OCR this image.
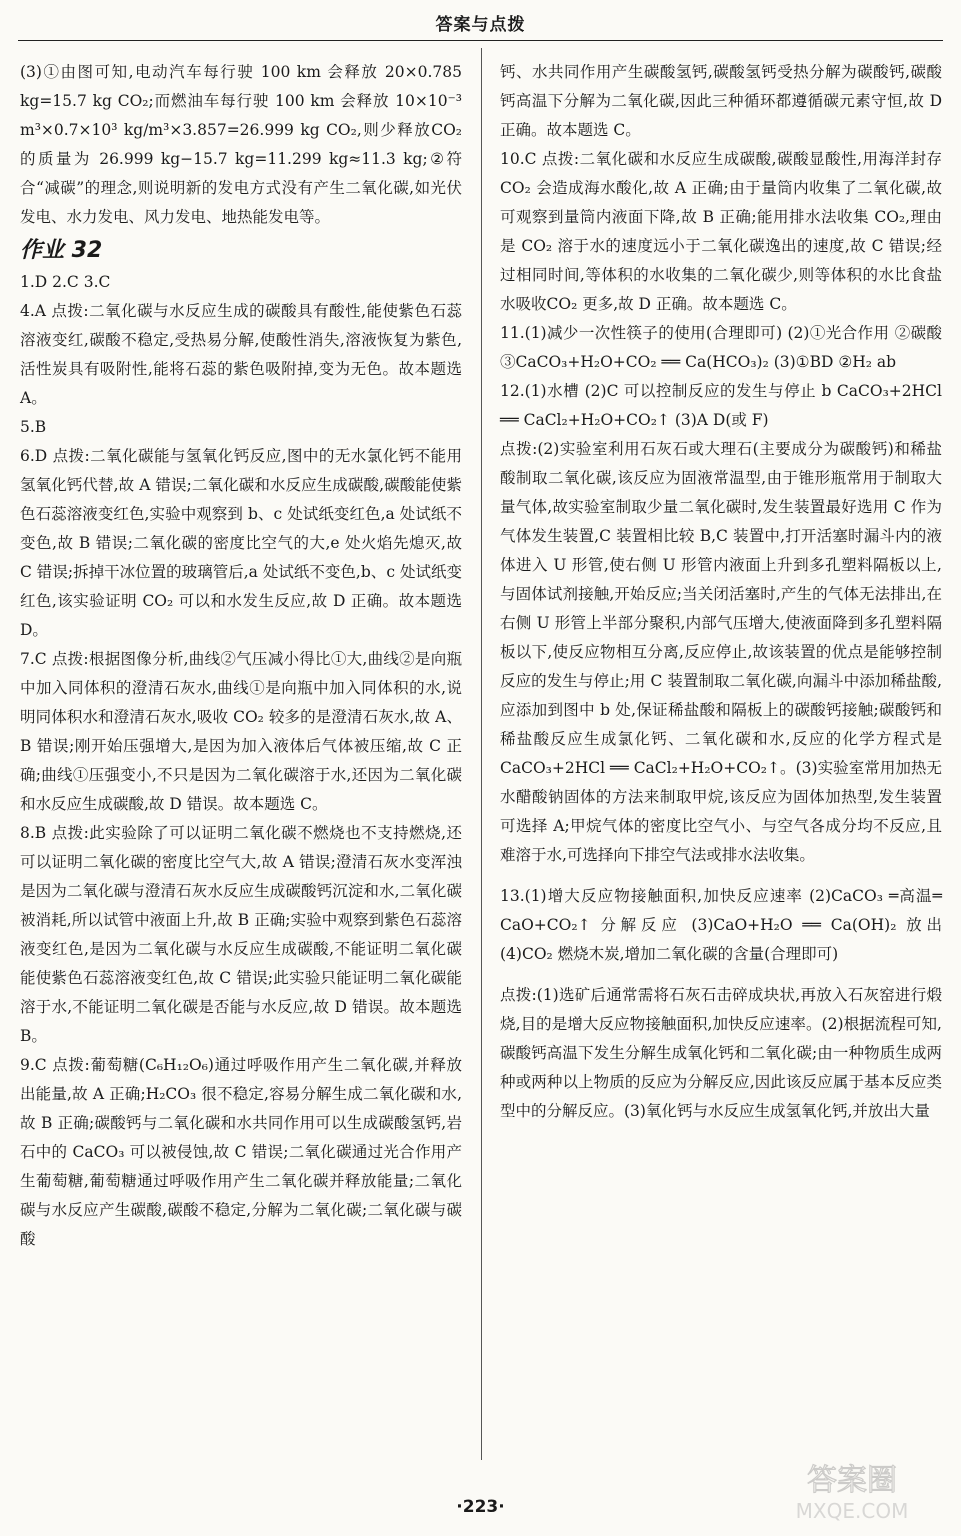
答案与点拨

(3)①由图可知,电动汽车每行驶 100 km 会释放 20×0.785 kg=15.7 kg CO₂;而燃油车每行驶 100 km 会释放 10×10⁻³ m³×0.7×10³ kg/m³×3.857=26.999 kg CO₂,则少释放CO₂ 的质量为 26.999 kg−15.7 kg=11.299 kg≈11.3 kg;②符合“减碳”的理念,则说明新的发电方式没有产生二氧化碳,如光伏发电、水力发电、风力发电、地热能发电等。

作业 32

1.D 2.C 3.C

4.A 点拨:二氧化碳与水反应生成的碳酸具有酸性,能使紫色石蕊溶液变红,碳酸不稳定,受热易分解,使酸性消失,溶液恢复为紫色,活性炭具有吸附性,能将石蕊的紫色吸附掉,变为无色。故本题选 A。

5.B

6.D 点拨:二氧化碳能与氢氧化钙反应,图中的无水氯化钙不能用氢氧化钙代替,故 A 错误;二氧化碳和水反应生成碳酸,碳酸能使紫色石蕊溶液变红色,实验中观察到 b、c 处试纸变红色,a 处试纸不变色,故 B 错误;二氧化碳的密度比空气的大,e 处火焰先熄灭,故 C 错误;拆掉干冰位置的玻璃管后,a 处试纸不变色,b、c 处试纸变红色,该实验证明 CO₂ 可以和水发生反应,故 D 正确。故本题选 D。

7.C 点拨:根据图像分析,曲线②气压减小得比①大,曲线②是向瓶中加入同体积的澄清石灰水,曲线①是向瓶中加入同体积的水,说明同体积水和澄清石灰水,吸收 CO₂ 较多的是澄清石灰水,故 A、B 错误;刚开始压强增大,是因为加入液体后气体被压缩,故 C 正确;曲线①压强变小,不只是因为二氧化碳溶于水,还因为二氧化碳和水反应生成碳酸,故 D 错误。故本题选 C。

8.B 点拨:此实验除了可以证明二氧化碳不燃烧也不支持燃烧,还可以证明二氧化碳的密度比空气大,故 A 错误;澄清石灰水变浑浊是因为二氧化碳与澄清石灰水反应生成碳酸钙沉淀和水,二氧化碳被消耗,所以试管中液面上升,故 B 正确;实验中观察到紫色石蕊溶液变红色,是因为二氧化碳与水反应生成碳酸,不能证明二氧化碳能使紫色石蕊溶液变红色,故 C 错误;此实验只能证明二氧化碳能溶于水,不能证明二氧化碳是否能与水反应,故 D 错误。故本题选 B。

9.C 点拨:葡萄糖(C₆H₁₂O₆)通过呼吸作用产生二氧化碳,并释放出能量,故 A 正确;H₂CO₃ 很不稳定,容易分解生成二氧化碳和水,故 B 正确;碳酸钙与二氧化碳和水共同作用可以生成碳酸氢钙,岩石中的 CaCO₃ 可以被侵蚀,故 C 错误;二氧化碳通过光合作用产生葡萄糖,葡萄糖通过呼吸作用产生二氧化碳并释放能量;二氧化碳与水反应产生碳酸,碳酸不稳定,分解为二氧化碳;二氧化碳与碳酸

钙、水共同作用产生碳酸氢钙,碳酸氢钙受热分解为碳酸钙,碳酸钙高温下分解为二氧化碳,因此三种循环都遵循碳元素守恒,故 D 正确。故本题选 C。

10.C 点拨:二氧化碳和水反应生成碳酸,碳酸显酸性,用海洋封存 CO₂ 会造成海水酸化,故 A 正确;由于量筒内收集了二氧化碳,故可观察到量筒内液面下降,故 B 正确;能用排水法收集 CO₂,理由是 CO₂ 溶于水的速度远小于二氧化碳逸出的速度,故 C 错误;经过相同时间,等体积的水收集的二氧化碳少,则等体积的水比食盐水吸收CO₂ 更多,故 D 正确。故本题选 C。

11.(1)减少一次性筷子的使用(合理即可) (2)①光合作用 ②碳酸 ③CaCO₃+H₂O+CO₂ ══ Ca(HCO₃)₂ (3)①BD ②H₂ ab

12.(1)水槽 (2)C 可以控制反应的发生与停止 b CaCO₃+2HCl ══ CaCl₂+H₂O+CO₂↑ (3)A D(或 F)

点拨:(2)实验室利用石灰石或大理石(主要成分为碳酸钙)和稀盐酸制取二氧化碳,该反应为固液常温型,由于锥形瓶常用于制取大量气体,故实验室制取少量二氧化碳时,发生装置最好选用 C 作为气体发生装置,C 装置相比较 B,C 装置中,打开活塞时漏斗内的液体进入 U 形管,使右侧 U 形管内液面上升到多孔塑料隔板以上,与固体试剂接触,开始反应;当关闭活塞时,产生的气体无法排出,在右侧 U 形管上半部分聚积,内部气压增大,使液面降到多孔塑料隔板以下,使反应物相互分离,反应停止,故该装置的优点是能够控制反应的发生与停止;用 C 装置制取二氧化碳,向漏斗中添加稀盐酸,应添加到图中 b 处,保证稀盐酸和隔板上的碳酸钙接触;碳酸钙和稀盐酸反应生成氯化钙、二氧化碳和水,反应的化学方程式是 CaCO₃+2HCl ══ CaCl₂+H₂O+CO₂↑。(3)实验室常用加热无水醋酸钠固体的方法来制取甲烷,该反应为固体加热型,发生装置可选择 A;甲烷气体的密度比空气小、与空气各成分均不反应,且难溶于水,可选择向下排空气法或排水法收集。

13.(1)增大反应物接触面积,加快反应速率 (2)CaCO₃ ═高温═ CaO+CO₂↑ 分解反应 (3)CaO+H₂O ══ Ca(OH)₂ 放出 (4)CO₂ 燃烧木炭,增加二氧化碳的含量(合理即可)

点拨:(1)选矿后通常需将石灰石击碎成块状,再放入石灰窑进行煅烧,目的是增大反应物接触面积,加快反应速率。(2)根据流程可知,碳酸钙高温下发生分解生成氧化钙和二氧化碳;由一种物质生成两种或两种以上物质的反应为分解反应,因此该反应属于基本反应类型中的分解反应。(3)氧化钙与水反应生成氢氧化钙,并放出大量

·223·
答案圈
MXQE.COM
